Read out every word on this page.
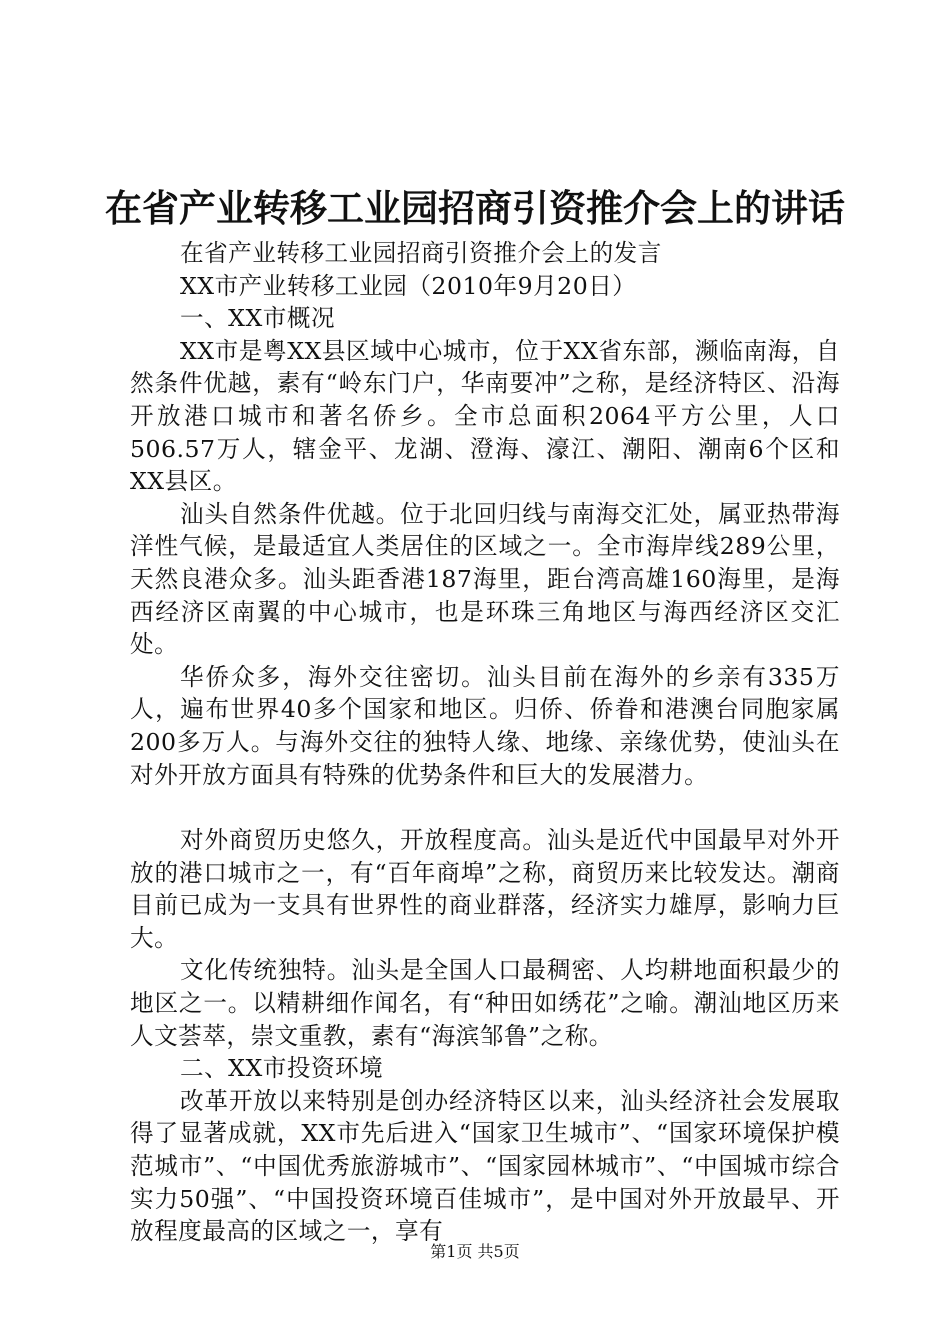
在省产业转移工业园招商引资推介会上的讲话

在省产业转移工业园招商引资推介会上的发言

XX市产业转移工业园（2010年9月20日）

一、XX市概况

XX市是粤XX县区域中心城市，位于XX省东部，濒临南海，自然条件优越，素有“岭东门户，华南要冲”之称，是经济特区、沿海开放港口城市和著名侨乡。全市总面积2064平方公里，人口506.57万人，辖金平、龙湖、澄海、濠江、潮阳、潮南6个区和XX县区。

汕头自然条件优越。位于北回归线与南海交汇处，属亚热带海洋性气候，是最适宜人类居住的区域之一。全市海岸线289公里，天然良港众多。汕头距香港187海里，距台湾高雄160海里，是海西经济区南翼的中心城市，也是环珠三角地区与海西经济区交汇处。

华侨众多，海外交往密切。汕头目前在海外的乡亲有335万人，遍布世界40多个国家和地区。归侨、侨眷和港澳台同胞家属200多万人。与海外交往的独特人缘、地缘、亲缘优势，使汕头在对外开放方面具有特殊的优势条件和巨大的发展潜力。

对外商贸历史悠久，开放程度高。汕头是近代中国最早对外开放的港口城市之一，有“百年商埠”之称，商贸历来比较发达。潮商目前已成为一支具有世界性的商业群落，经济实力雄厚，影响力巨大。

文化传统独特。汕头是全国人口最稠密、人均耕地面积最少的地区之一。以精耕细作闻名，有“种田如绣花”之喻。潮汕地区历来人文荟萃，崇文重教，素有“海滨邹鲁”之称。

二、XX市投资环境

改革开放以来特别是创办经济特区以来，汕头经济社会发展取得了显著成就，XX市先后进入“国家卫生城市”、“国家环境保护模范城市”、“中国优秀旅游城市”、“国家园林城市”、“中国城市综合实力50强”、“中国投资环境百佳城市”，是中国对外开放最早、开放程度最高的区域之一，享有

第1页 共5页
